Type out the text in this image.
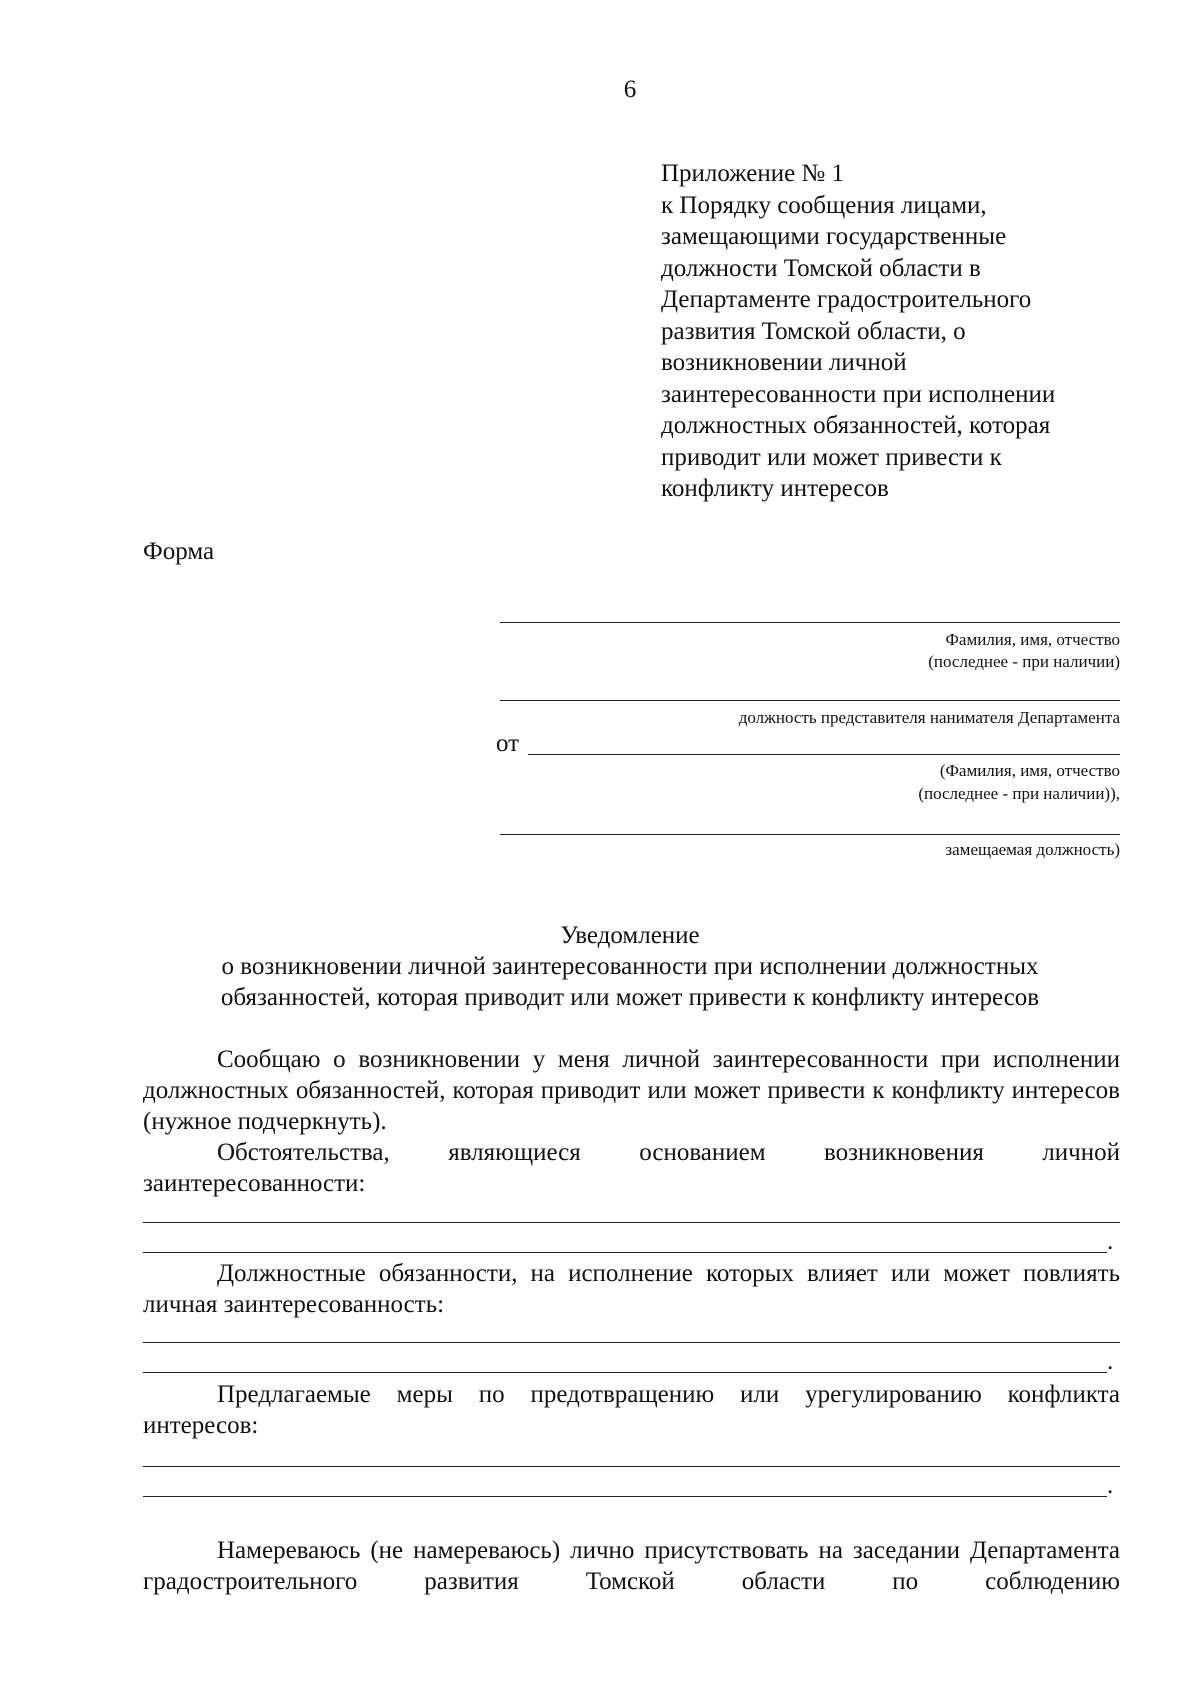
6
Приложение № 1
к Порядку сообщения лицами,
замещающими государственные
должности Томской области в
Департаменте градостроительного
развития Томской области, о
возникновении личной
заинтересованности при исполнении
должностных обязанностей, которая
приводит или может привести к
конфликту интересов
Форма
Фамилия, имя, отчество
(последнее - при наличии)
должность представителя нанимателя Департамента
от
(Фамилия, имя, отчество
(последнее - при наличии)),
замещаемая должность)
Уведомление
о возникновении личной заинтересованности при исполнении должностных
обязанностей, которая приводит или может привести к конфликту интересов
Сообщаю о возникновении у меня личной заинтересованности при исполнении должностных обязанностей, которая приводит или может привести к конфликту интересов (нужное подчеркнуть).
Обстоятельства, являющиеся основанием возникновения личной
заинтересованности:
.
Должностные обязанности, на исполнение которых влияет или может повлиять личная заинтересованность:
.
Предлагаемые меры по предотвращению или урегулированию конфликта интересов:
.
Намереваюсь (не намереваюсь) лично присутствовать на заседании Департамента градостроительного развития Томской области по соблюдению
